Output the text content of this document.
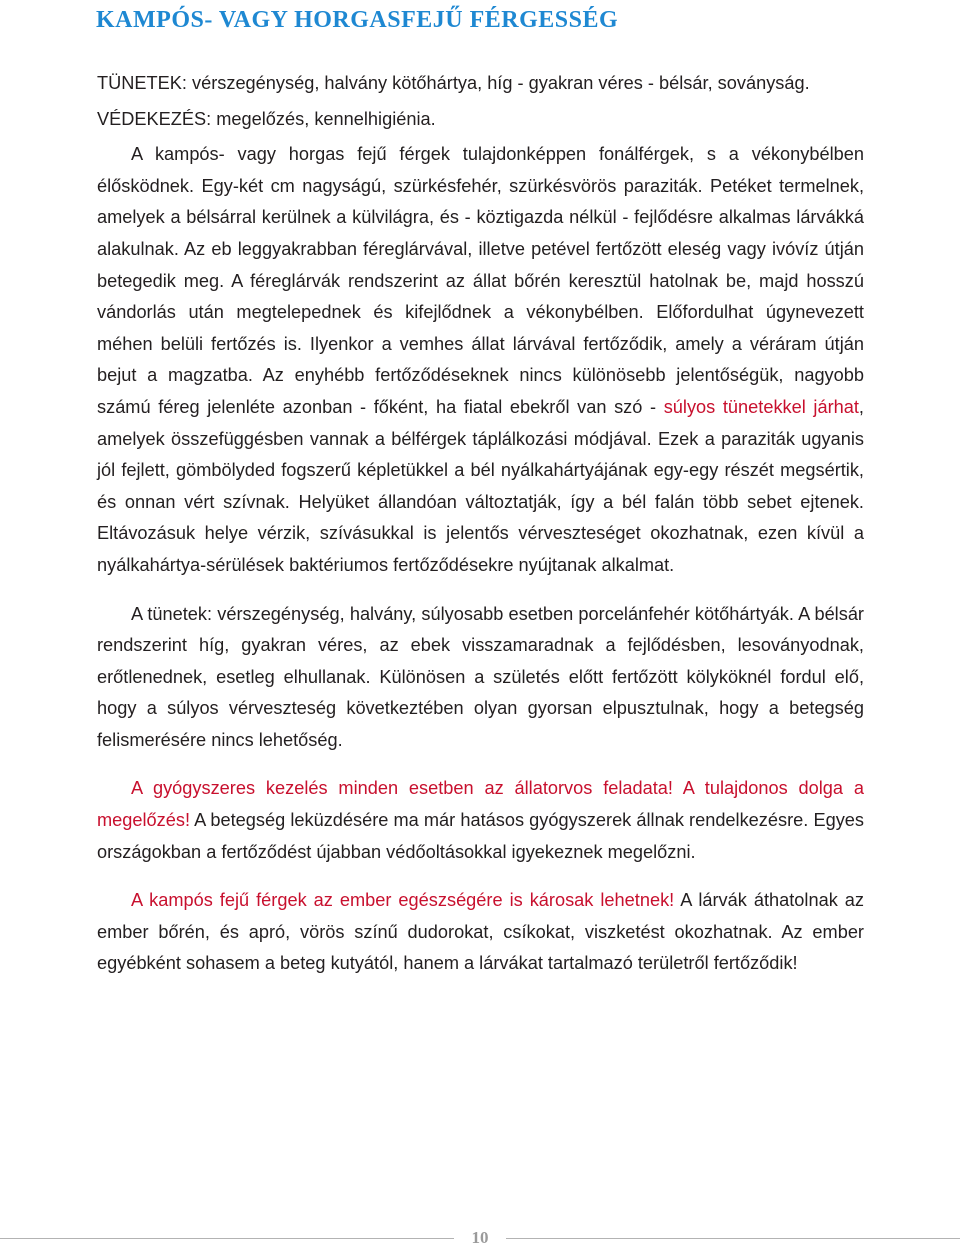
KAMPÓS- VAGY HORGASFEJŰ FÉRGESSÉG

TÜNETEK: vérszegénység, halvány kötőhártya, híg - gyakran véres - bélsár, soványság.

VÉDEKEZÉS: megelőzés, kennelhigiénia.

A kampós- vagy horgas fejű férgek tulajdonképpen fonálférgek, s a vékonybélben élősködnek. Egy-két cm nagyságú, szürkésfehér, szürkésvörös paraziták. Petéket termelnek, amelyek a bélsárral kerülnek a külvilágra, és - köztigazda nélkül - fejlődésre alkalmas lárvákká alakulnak. Az eb leggyakrabban féreglárvával, illetve petével fertőzött eleség vagy ivóvíz útján betegedik meg. A féreglárvák rendszerint az állat bőrén keresztül hatolnak be, majd hosszú vándorlás után megtelepednek és kifejlődnek a vékonybélben. Előfordulhat úgynevezett méhen belüli fertőzés is. Ilyenkor a vemhes állat lárvával fertőződik, amely a véráram útján bejut a magzatba. Az enyhébb fertőződéseknek nincs különösebb jelentőségük, nagyobb számú féreg jelenléte azonban - főként, ha fiatal ebekről van szó - súlyos tünetekkel járhat, amelyek összefüggésben vannak a bélférgek táplálkozási módjával. Ezek a paraziták ugyanis jól fejlett, gömbölyded fogszerű képletükkel a bél nyálkahártyájának egy-egy részét megsértik, és onnan vért szívnak. Helyüket állandóan változtatják, így a bél falán több sebet ejtenek. Eltávozásuk helye vérzik, szívásukkal is jelentős vérveszteséget okozhatnak, ezen kívül a nyálkahártya-sérülések baktériumos fertőződésekre nyújtanak alkalmat.

A tünetek: vérszegénység, halvány, súlyosabb esetben porcelánfehér kötőhártyák. A bélsár rendszerint híg, gyakran véres, az ebek visszamaradnak a fejlődésben, lesoványodnak, erőtlenednek, esetleg elhullanak. Különösen a születés előtt fertőzött kölyköknél fordul elő, hogy a súlyos vérveszteség következtében olyan gyorsan elpusztulnak, hogy a betegség felismerésére nincs lehetőség.

A gyógyszeres kezelés minden esetben az állatorvos feladata! A tulajdonos dolga a megelőzés! A betegség leküzdésére ma már hatásos gyógyszerek állnak rendelkezésre. Egyes országokban a fertőződést újabban védőoltásokkal igyekeznek megelőzni.

A kampós fejű férgek az ember egészségére is károsak lehetnek! A lárvák áthatolnak az ember bőrén, és apró, vörös színű dudorokat, csíkokat, viszketést okozhatnak. Az ember egyébként sohasem a beteg kutyától, hanem a lárvákat tartalmazó területről fertőződik!

10
